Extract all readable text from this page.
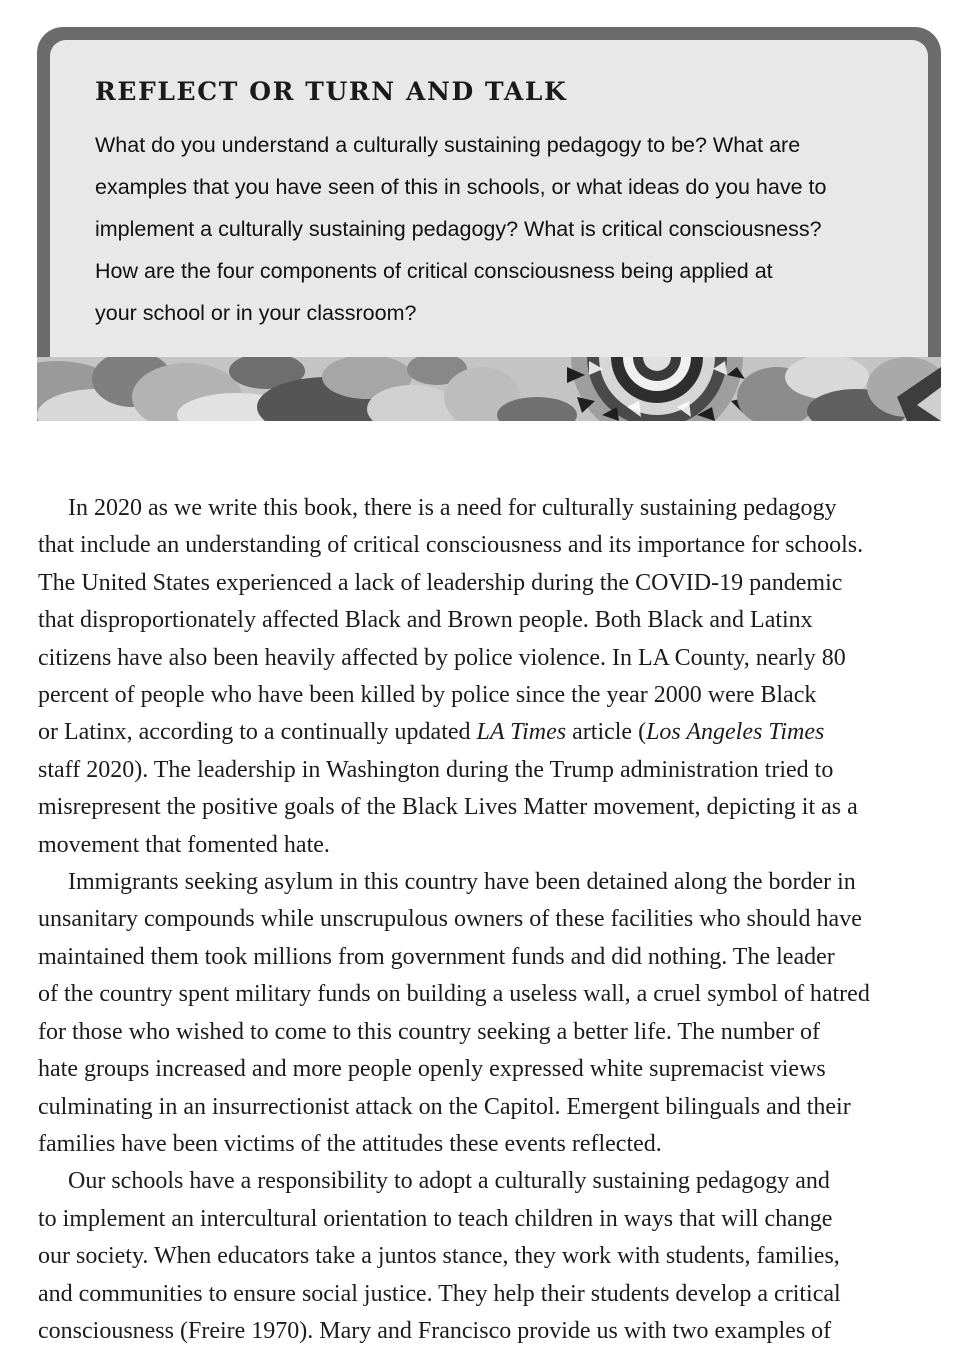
REFLECT OR TURN AND TALK

What do you understand a culturally sustaining pedagogy to be? What are
examples that you have seen of this in schools, or what ideas do you have to
implement a culturally sustaining pedagogy? What is critical consciousness?
How are the four components of critical consciousness being applied at
your school or in your classroom?

In 2020 as we write this book, there is a need for culturally sustaining pedagogy
that include an understanding of critical consciousness and its importance for schools.
The United States experienced a lack of leadership during the COVID-19 pandemic
that disproportionately affected Black and Brown people. Both Black and Latinx
citizens have also been heavily affected by police violence. In LA County, nearly 80
percent of people who have been killed by police since the year 2000 were Black
or Latinx, according to a continually updated LA Times article (Los Angeles Times
staff 2020). The leadership in Washington during the Trump administration tried to
misrepresent the positive goals of the Black Lives Matter movement, depicting it as a
movement that fomented hate.
Immigrants seeking asylum in this country have been detained along the border in
unsanitary compounds while unscrupulous owners of these facilities who should have
maintained them took millions from government funds and did nothing. The leader
of the country spent military funds on building a useless wall, a cruel symbol of hatred
for those who wished to come to this country seeking a better life. The number of
hate groups increased and more people openly expressed white supremacist views
culminating in an insurrectionist attack on the Capitol. Emergent bilinguals and their
families have been victims of the attitudes these events reflected.
Our schools have a responsibility to adopt a culturally sustaining pedagogy and
to implement an intercultural orientation to teach children in ways that will change
our society. When educators take a juntos stance, they work with students, families,
and communities to ensure social justice. They help their students develop a critical
consciousness (Freire 1970). Mary and Francisco provide us with two examples of
